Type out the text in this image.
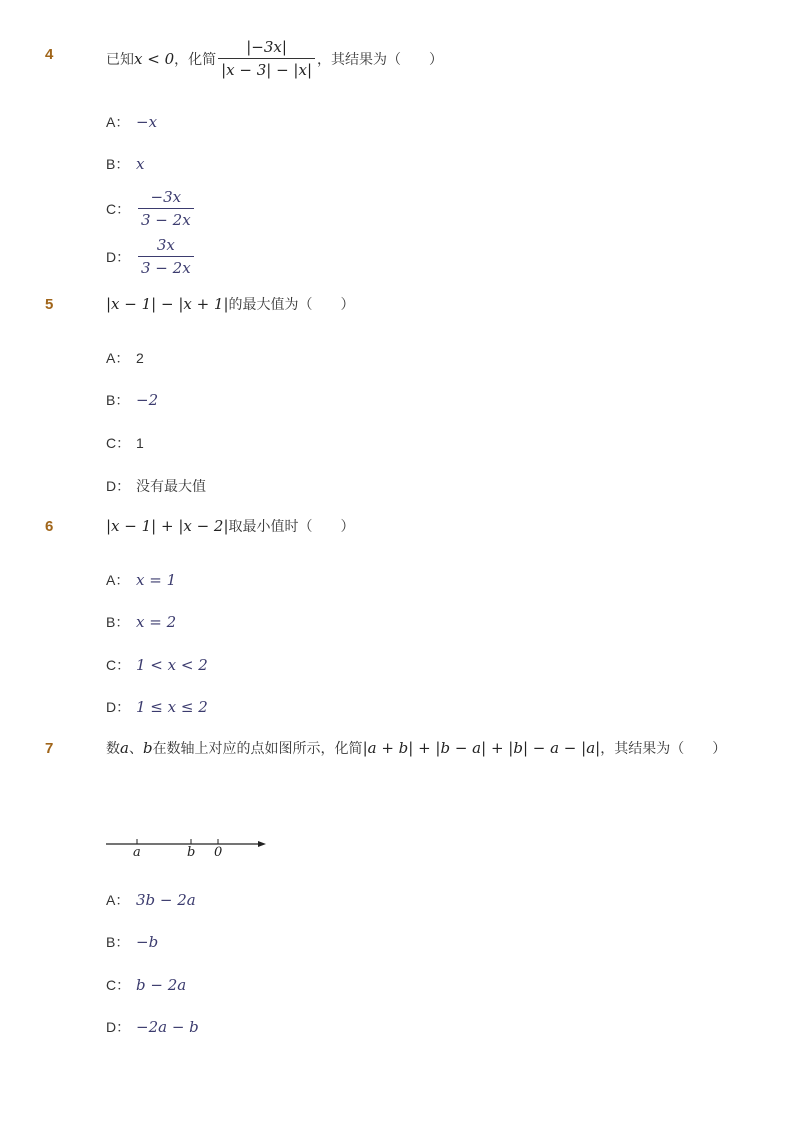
4	已知 x < 0 ，化简 $\frac{|-3x|}{|x - 3| - |x|}$ ，其结果为（　　）
A： −x
B： x
C： $\frac{-3x}{3 - 2x}$
D： $\frac{3x}{3 - 2x}$
5	|x − 1| − |x + 1| 的最大值为（　　）
A： 2
B： −2
C： 1
D： 没有最大值
6	|x − 1| + |x − 2| 取最小值时（　　）
A： x = 1
B： x = 2
C： 1 < x < 2
D： 1 ≤ x ≤ 2
7	数 a 、 b 在数轴上对应的点如图所示，化简 |a + b| + |b − a| + |b| − a − |a| ，其结果为（　　）
a	b 0
A： 3b − 2a
B： −b
C： b − 2a
D： −2a − b
